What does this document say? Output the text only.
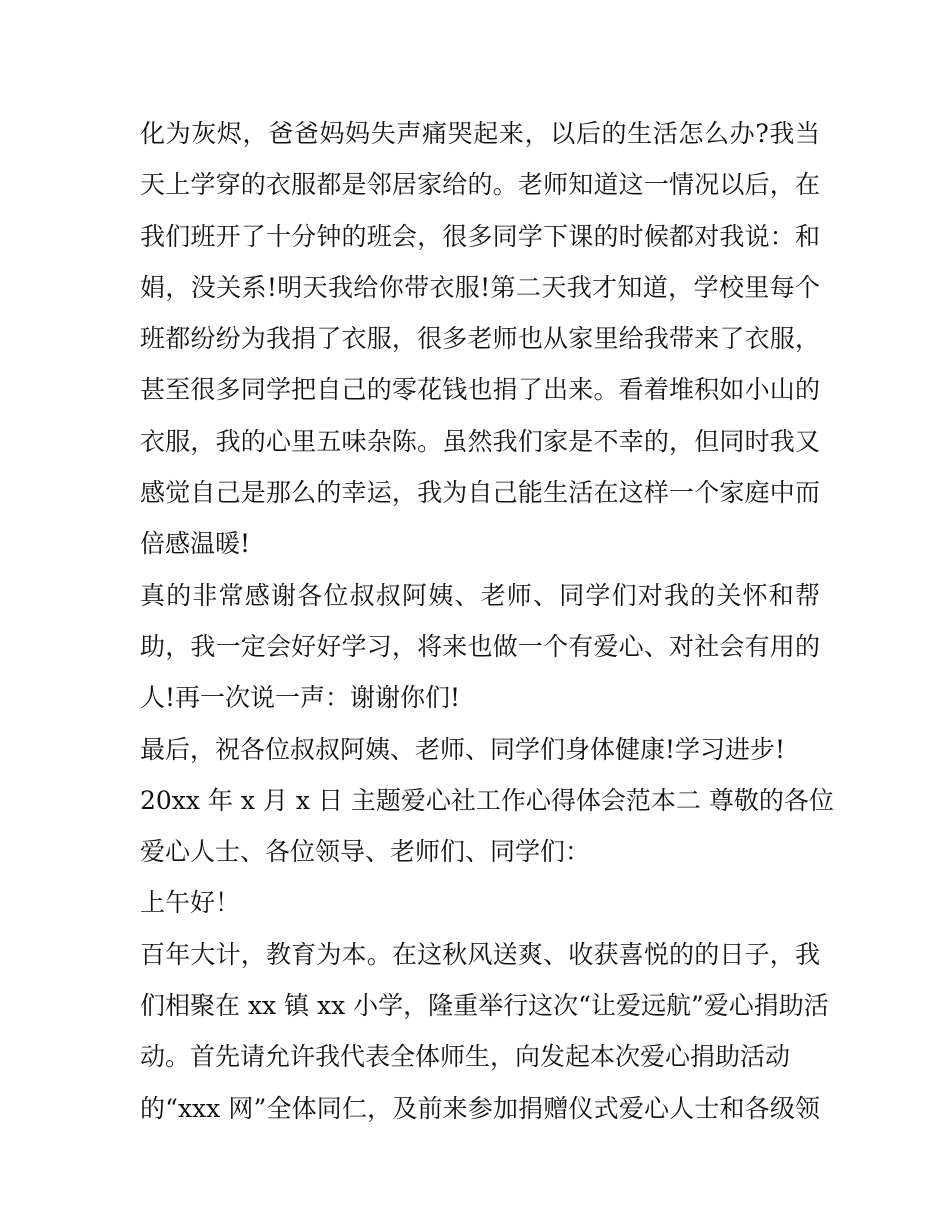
化为灰烬，爸爸妈妈失声痛哭起来，以后的生活怎么办?我当
天上学穿的衣服都是邻居家给的。老师知道这一情况以后，在
我们班开了十分钟的班会，很多同学下课的时候都对我说：和
娟，没关系!明天我给你带衣服!第二天我才知道，学校里每个
班都纷纷为我捐了衣服，很多老师也从家里给我带来了衣服，
甚至很多同学把自己的零花钱也捐了出来。看着堆积如小山的
衣服，我的心里五味杂陈。虽然我们家是不幸的，但同时我又
感觉自己是那么的幸运，我为自己能生活在这样一个家庭中而
倍感温暖!
真的非常感谢各位叔叔阿姨、老师、同学们对我的关怀和帮
助，我一定会好好学习，将来也做一个有爱心、对社会有用的
人!再一次说一声：谢谢你们!
最后，祝各位叔叔阿姨、老师、同学们身体健康!学习进步!
20xx 年 x 月 x 日 主题爱心社工作心得体会范本二 尊敬的各位
爱心人士、各位领导、老师们、同学们：
上午好！
百年大计，教育为本。在这秋风送爽、收获喜悦的的日子，我
们相聚在 xx 镇 xx 小学，隆重举行这次“让爱远航”爱心捐助活
动。首先请允许我代表全体师生，向发起本次爱心捐助活动
的“xxx 网”全体同仁，及前来参加捐赠仪式爱心人士和各级领
